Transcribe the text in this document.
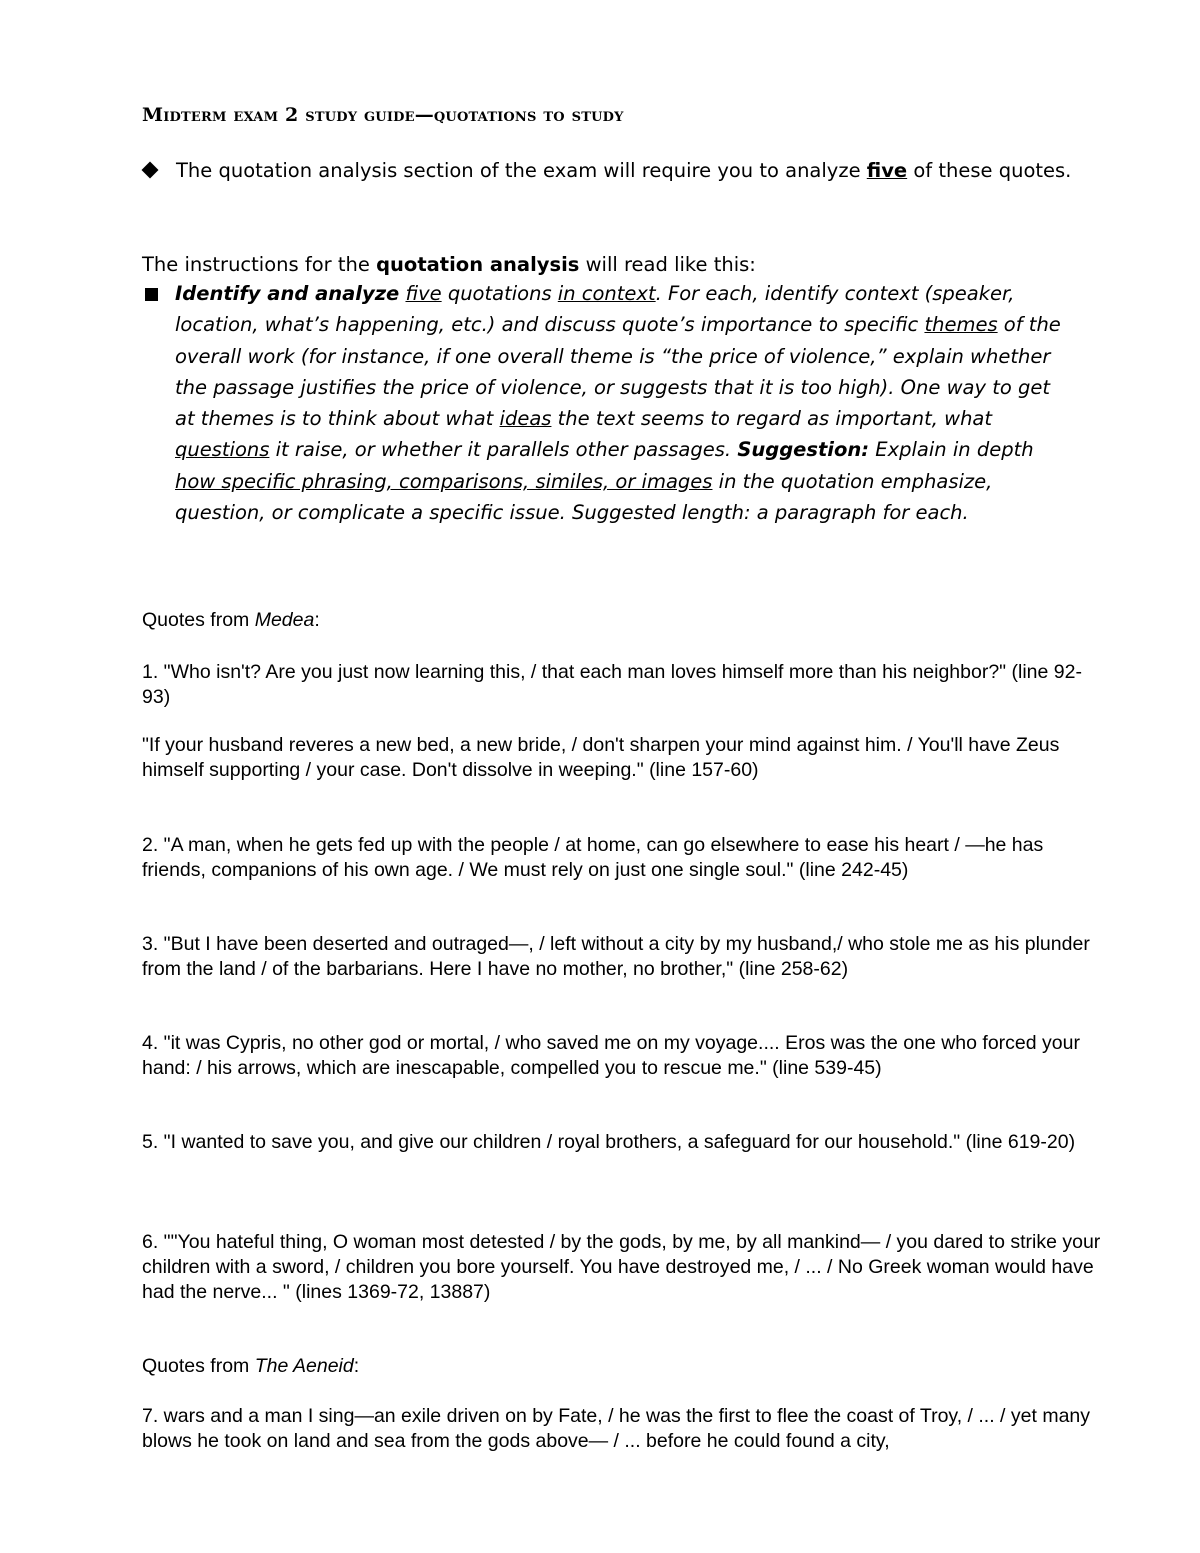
Midterm exam 2 study guide—quotations to study
The quotation analysis section of the exam will require you to analyze five of these quotes.
The instructions for the quotation analysis will read like this:
Identify and analyze five quotations in context. For each, identify context (speaker, location, what’s happening, etc.) and discuss quote’s importance to specific themes of the overall work (for instance, if one overall theme is “the price of violence,” explain whether the passage justifies the price of violence, or suggests that it is too high). One way to get at themes is to think about what ideas the text seems to regard as important, what questions it raise, or whether it parallels other passages. Suggestion: Explain in depth how specific phrasing, comparisons, similes, or images in the quotation emphasize, question, or complicate a specific issue. Suggested length: a paragraph for each.
Quotes from Medea:
1. "Who isn't? Are you just now learning this, / that each man loves himself more than his neighbor?" (line 92-93)
"If your husband reveres a new bed, a new bride, / don't sharpen your mind against him. / You'll have Zeus himself supporting / your case. Don't dissolve in weeping." (line 157-60)
2. "A man, when he gets fed up with the people / at home, can go elsewhere to ease his heart / —he has friends, companions of his own age. / We must rely on just one single soul." (line 242-45)
3. "But I have been deserted and outraged—, / left without a city by my husband,/ who stole me as his plunder from the land / of the barbarians. Here I have no mother, no brother," (line 258-62)
4. "it was Cypris, no other god or mortal, / who saved me on my voyage.... Eros was the one who forced your hand: / his arrows, which are inescapable, compelled you to rescue me." (line 539-45)
5. "I wanted to save you, and give our children / royal brothers, a safeguard for our household." (line 619-20)
6. ""You hateful thing, O woman most detested / by the gods, by me, by all mankind— / you dared to strike your children with a sword, / children you bore yourself. You have destroyed me, / ... / No Greek woman would have had the nerve... " (lines 1369-72, 13887)
Quotes from The Aeneid:
7. wars and a man I sing—an exile driven on by Fate, / he was the first to flee the coast of Troy, / ... / yet many blows he took on land and sea from the gods above— / ... before he could found a city,
